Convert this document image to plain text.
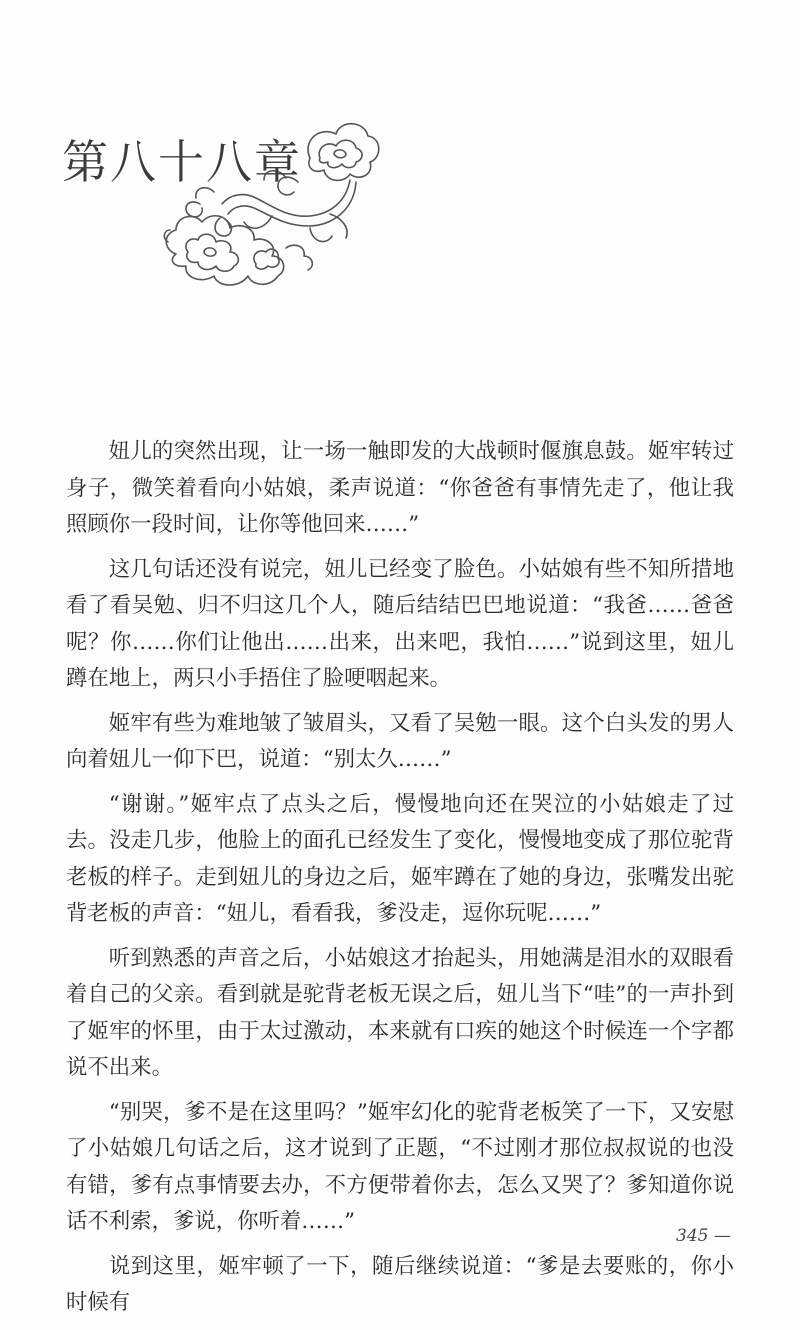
第八十八章

妞儿的突然出现，让一场一触即发的大战顿时偃旗息鼓。姬牢转过身子，微笑着看向小姑娘，柔声说道：“你爸爸有事情先走了，他让我照顾你一段时间，让你等他回来……”

这几句话还没有说完，妞儿已经变了脸色。小姑娘有些不知所措地看了看吴勉、归不归这几个人，随后结结巴巴地说道：“我爸……爸爸呢？你……你们让他出……出来，出来吧，我怕……”说到这里，妞儿蹲在地上，两只小手捂住了脸哽咽起来。

姬牢有些为难地皱了皱眉头，又看了吴勉一眼。这个白头发的男人向着妞儿一仰下巴，说道：“别太久……”

“谢谢。”姬牢点了点头之后，慢慢地向还在哭泣的小姑娘走了过去。没走几步，他脸上的面孔已经发生了变化，慢慢地变成了那位驼背老板的样子。走到妞儿的身边之后，姬牢蹲在了她的身边，张嘴发出驼背老板的声音：“妞儿，看看我，爹没走，逗你玩呢……”

听到熟悉的声音之后，小姑娘这才抬起头，用她满是泪水的双眼看着自己的父亲。看到就是驼背老板无误之后，妞儿当下“哇”的一声扑到了姬牢的怀里，由于太过激动，本来就有口疾的她这个时候连一个字都说不出来。

“别哭，爹不是在这里吗？”姬牢幻化的驼背老板笑了一下，又安慰了小姑娘几句话之后，这才说到了正题，“不过刚才那位叔叔说的也没有错，爹有点事情要去办，不方便带着你去，怎么又哭了？爹知道你说话不利索，爹说，你听着……”

说到这里，姬牢顿了一下，随后继续说道：“爹是去要账的，你小时候有

345 —
